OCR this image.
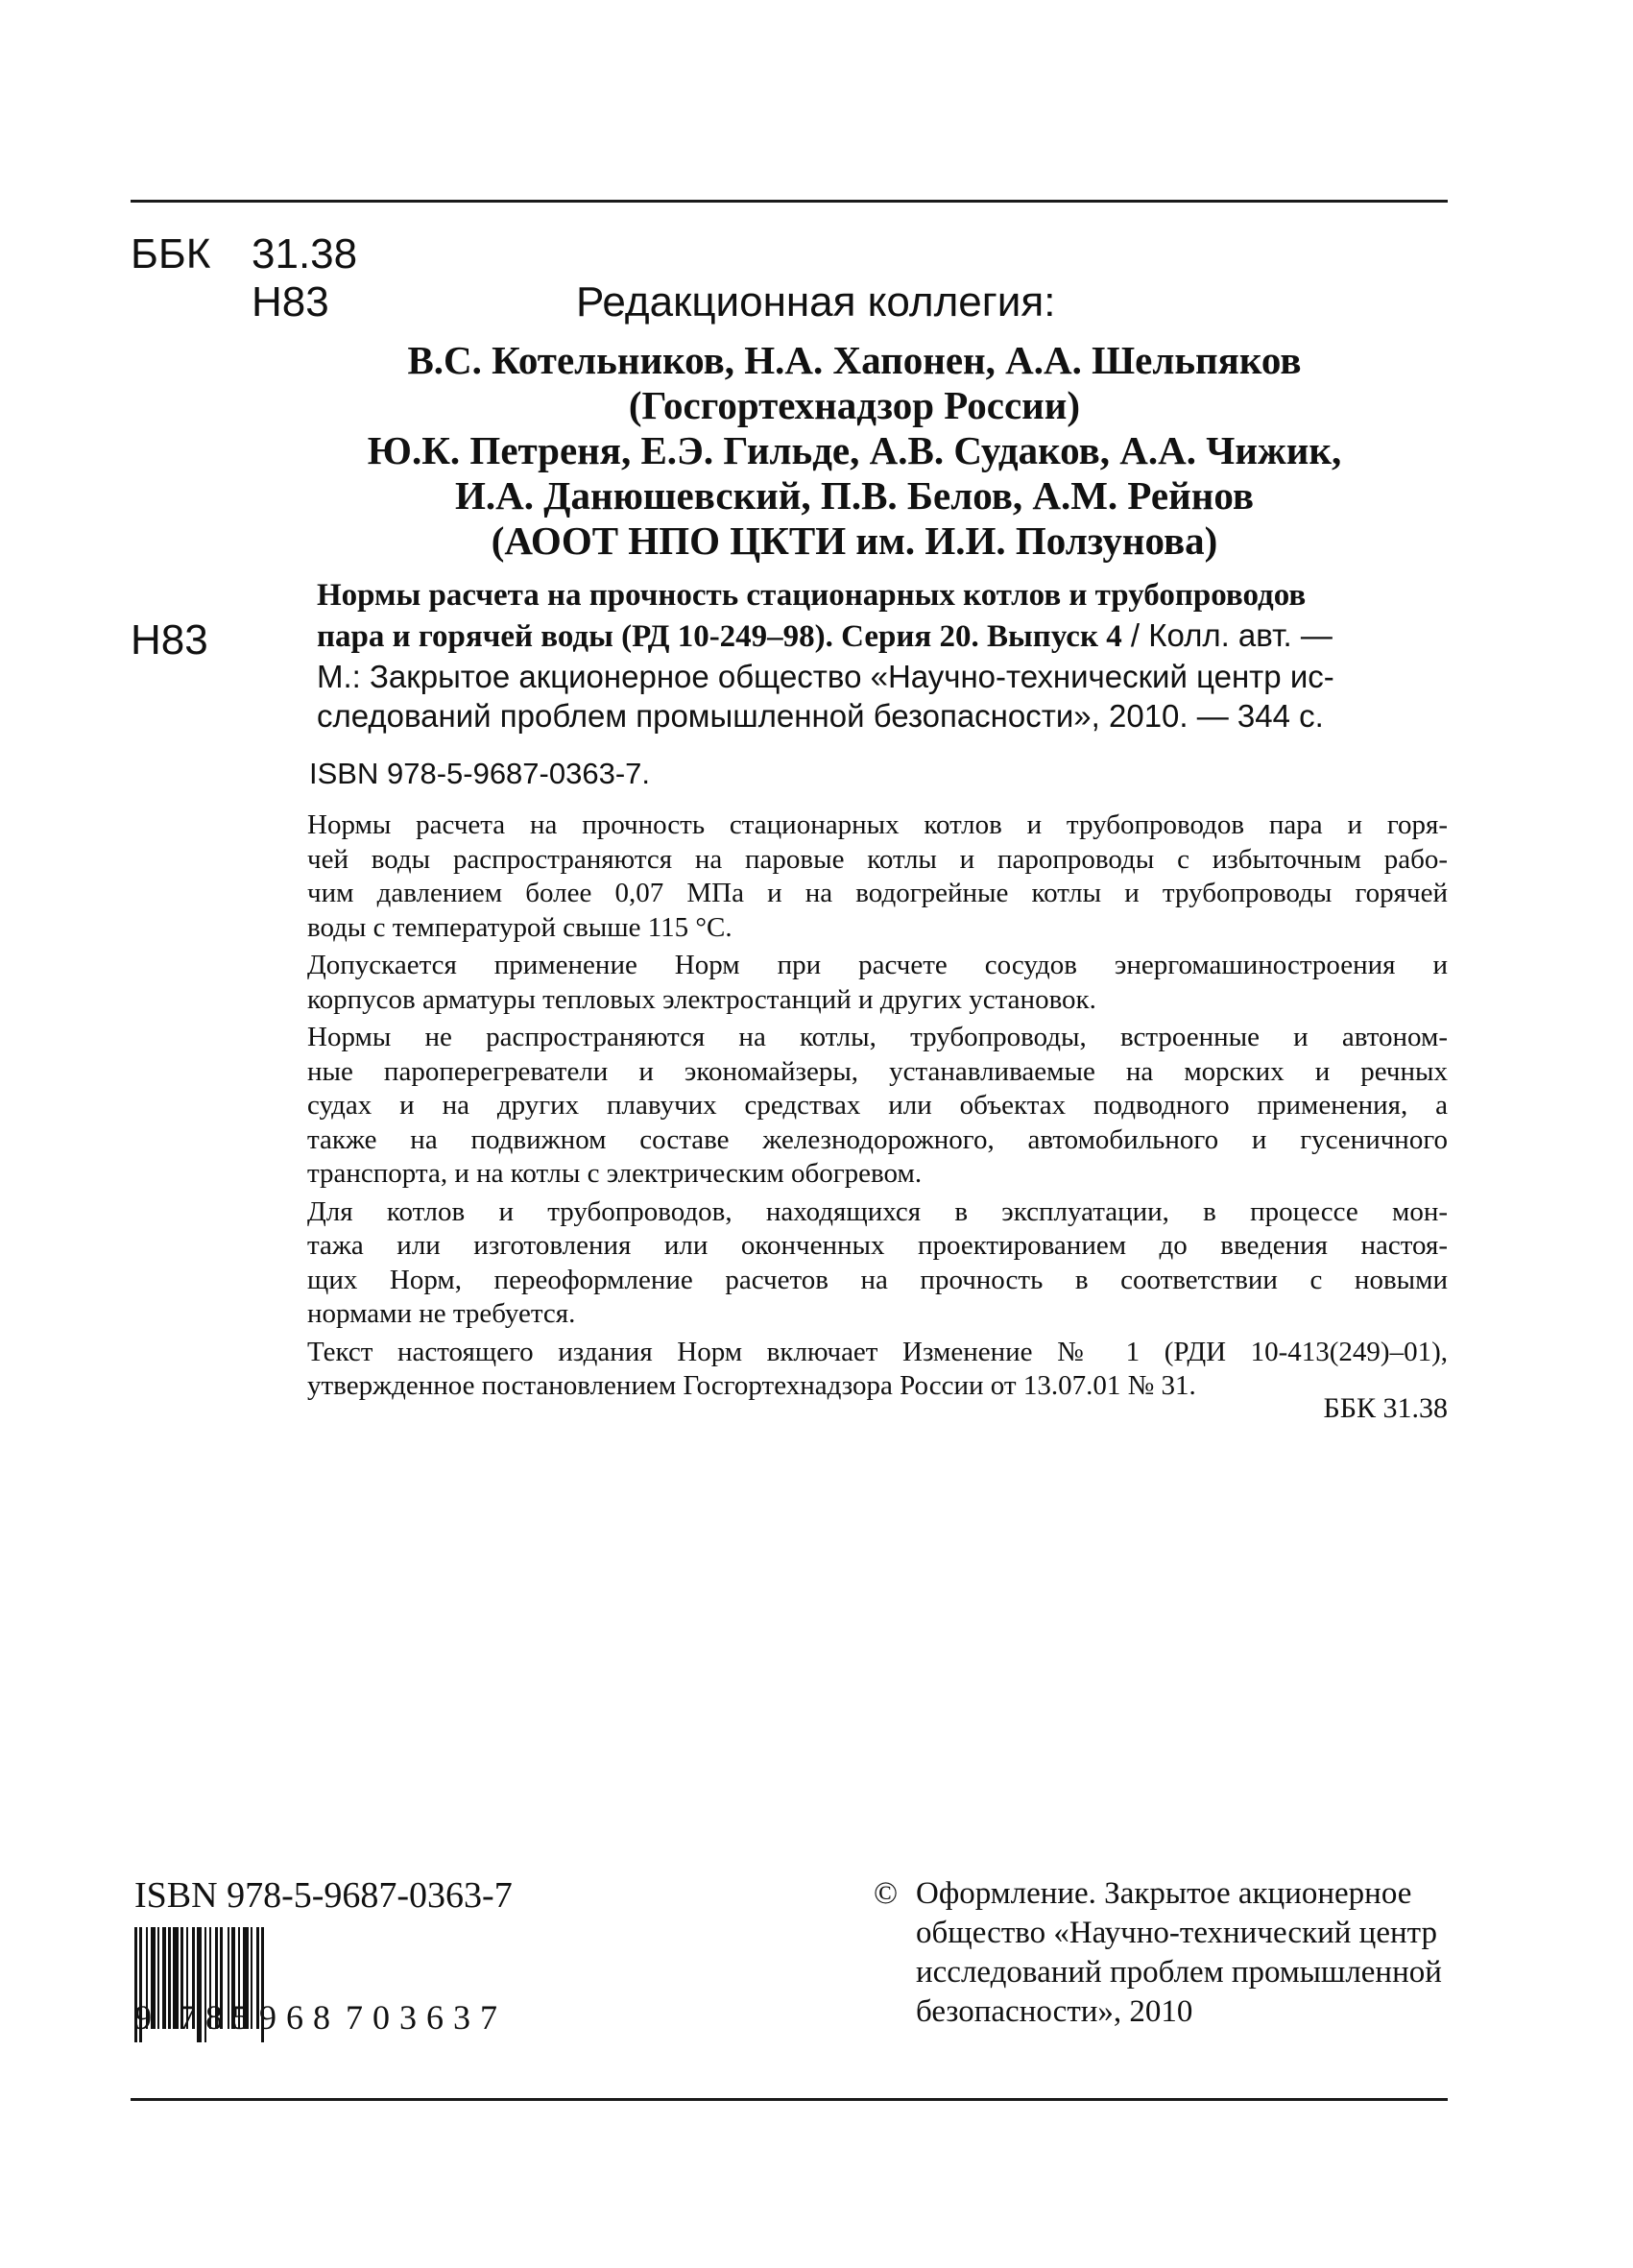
ББК 31.38
Н83	Редакционная коллегия:
В.С. Котельников, Н.А. Хапонен, А.А. Шельпяков
(Госгортехнадзор России)
Ю.К. Петреня, Е.Э. Гильде, А.В. Судаков, А.А. Чижик,
И.А. Данюшевский, П.В. Белов, А.М. Рейнов
(АООТ НПО ЦКТИ им. И.И. Ползунова)
Н83
Нормы расчета на прочность стационарных котлов и трубопроводов
пара и горячей воды (РД 10-249–98). Серия 20. Выпуск 4 / Колл. авт. —
М.: Закрытое акционерное общество «Научно-технический центр ис-
следований проблем промышленной безопасности», 2010. — 344 с.
ISBN 978-5-9687-0363-7.

Нормы расчета на прочность стационарных котлов и трубопроводов пара и горя-
чей воды распространяются на паровые котлы и паропроводы с избыточным рабо-
чим давлением более 0,07 МПа и на водогрейные котлы и трубопроводы горячей
воды с температурой свыше 115 °С.

Допускается применение Норм при расчете сосудов энергомашиностроения и
корпусов арматуры тепловых электростанций и других установок.

Нормы не распространяются на котлы, трубопроводы, встроенные и автоном-
ные пароперегреватели и экономайзеры, устанавливаемые на морских и речных
судах и на других плавучих средствах или объектах подводного применения, а
также на подвижном составе железнодорожного, автомобильного и гусеничного
транспорта, и на котлы с электрическим обогревом.

Для котлов и трубопроводов, находящихся в эксплуатации, в процессе мон-
тажа или изготовления или оконченных проектированием до введения настоя-
щих Норм, переоформление расчетов на прочность в соответствии с новыми
нормами не требуется.

Текст настоящего издания Норм включает Изменение № 1 (РДИ 10-413(249)–01),
утвержденное постановлением Госгортехнадзора России от 13.07.01 № 31.

ББК 31.38
ISBN 978-5-9687-0363-7
9 785968 703637
© Оформление. Закрытое акционерное
общество «Научно-технический центр
исследований проблем промышленной
безопасности», 2010
